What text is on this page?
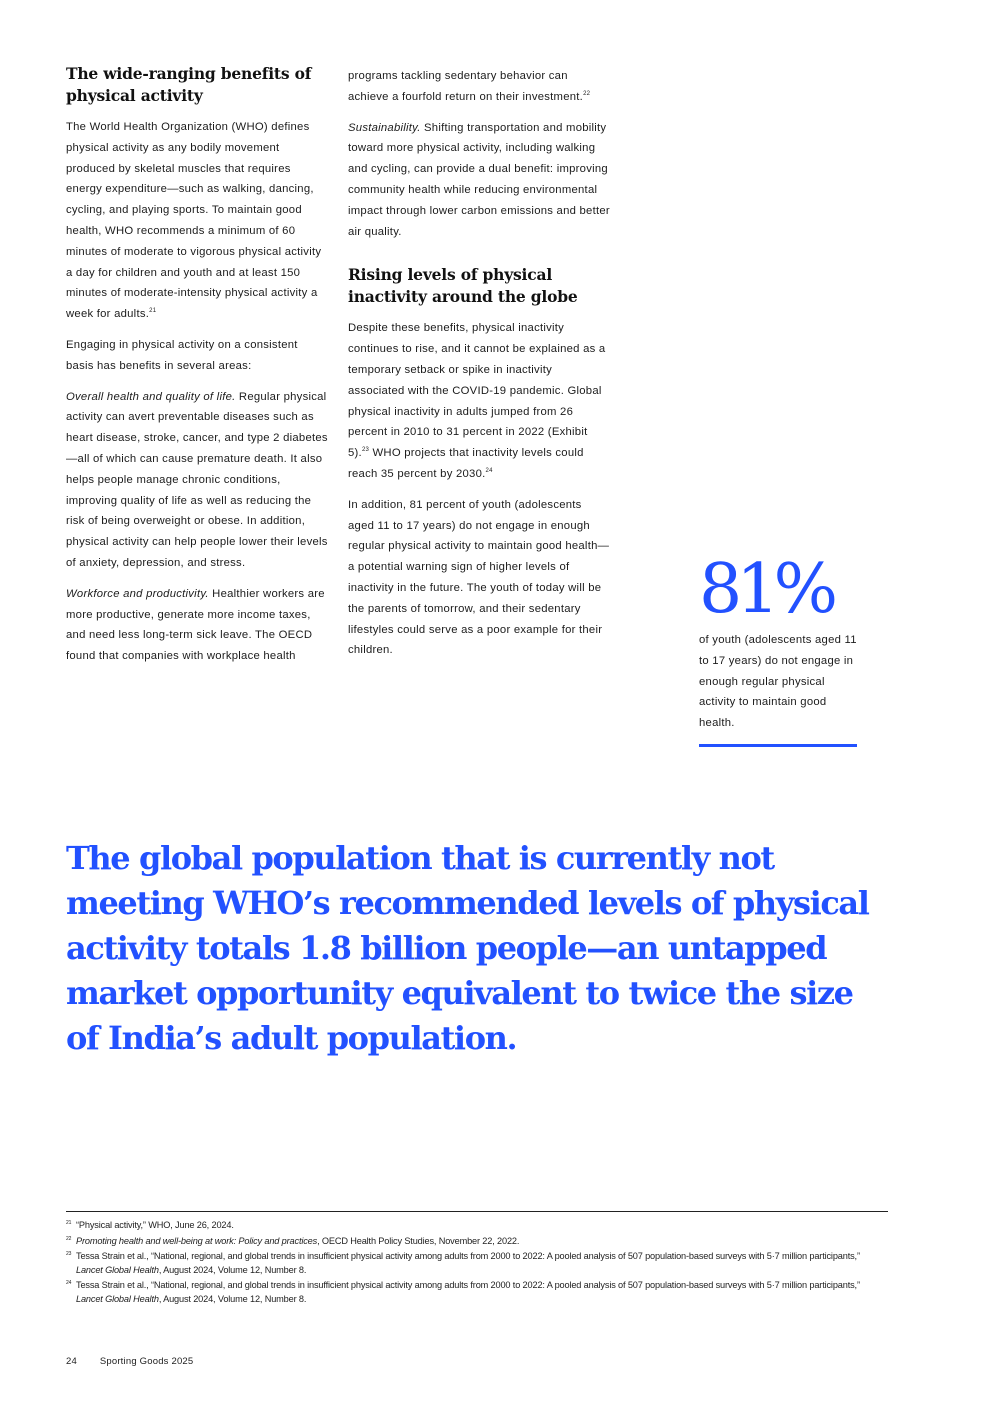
The wide-ranging benefits of physical activity

The World Health Organization (WHO) defines physical activity as any bodily movement produced by skeletal muscles that requires energy expenditure—such as walking, dancing, cycling, and playing sports. To maintain good health, WHO recommends a minimum of 60 minutes of moderate to vigorous physical activity a day for children and youth and at least 150 minutes of moderate-intensity physical activity a week for adults.$^{21}$

Engaging in physical activity on a consistent basis has benefits in several areas:

Overall health and quality of life. Regular physical activity can avert preventable diseases such as heart disease, stroke, cancer, and type 2 diabetes—all of which can cause premature death. It also helps people manage chronic conditions, improving quality of life as well as reducing the risk of being overweight or obese. In addition, physical activity can help people lower their levels of anxiety, depression, and stress.

Workforce and productivity. Healthier workers are more productive, generate more income taxes, and need less long-term sick leave. The OECD found that companies with workplace health

programs tackling sedentary behavior can achieve a fourfold return on their investment.$^{22}$

Sustainability. Shifting transportation and mobility toward more physical activity, including walking and cycling, can provide a dual benefit: improving community health while reducing environmental impact through lower carbon emissions and better air quality.

Rising levels of physical inactivity around the globe

Despite these benefits, physical inactivity continues to rise, and it cannot be explained as a temporary setback or spike in inactivity associated with the COVID-19 pandemic. Global physical inactivity in adults jumped from 26 percent in 2010 to 31 percent in 2022 (Exhibit 5).$^{23}$ WHO projects that inactivity levels could reach 35 percent by 2030.24

In addition, 81 percent of youth (adolescents aged 11 to 17 years) do not engage in enough regular physical activity to maintain good health—a potential warning sign of higher levels of inactivity in the future. The youth of today will be the parents of tomorrow, and their sedentary lifestyles could serve as a poor example for their children.

81%

of youth (adolescents aged 11 to 17 years) do not engage in enough regular physical activity to maintain good health.

The global population that is currently not meeting WHO’s recommended levels of physical activity totals 1.8 billion people—an untapped market opportunity equivalent to twice the size of India’s adult population.

21 “Physical activity,” WHO, June 26, 2024.

22 Promoting health and well-being at work: Policy and practices, OECD Health Policy Studies, November 22, 2022.

23 Tessa Strain et al., “National, regional, and global trends in insufficient physical activity among adults from 2000 to 2022: A pooled analysis of 507 population-based surveys with 5·7 million participants,” Lancet Global Health, August 2024, Volume 12, Number 8.

24 Tessa Strain et al., “National, regional, and global trends in insufficient physical activity among adults from 2000 to 2022: A pooled analysis of 507 population-based surveys with 5·7 million participants,” Lancet Global Health, August 2024, Volume 12, Number 8.

24 Sporting Goods 2025
